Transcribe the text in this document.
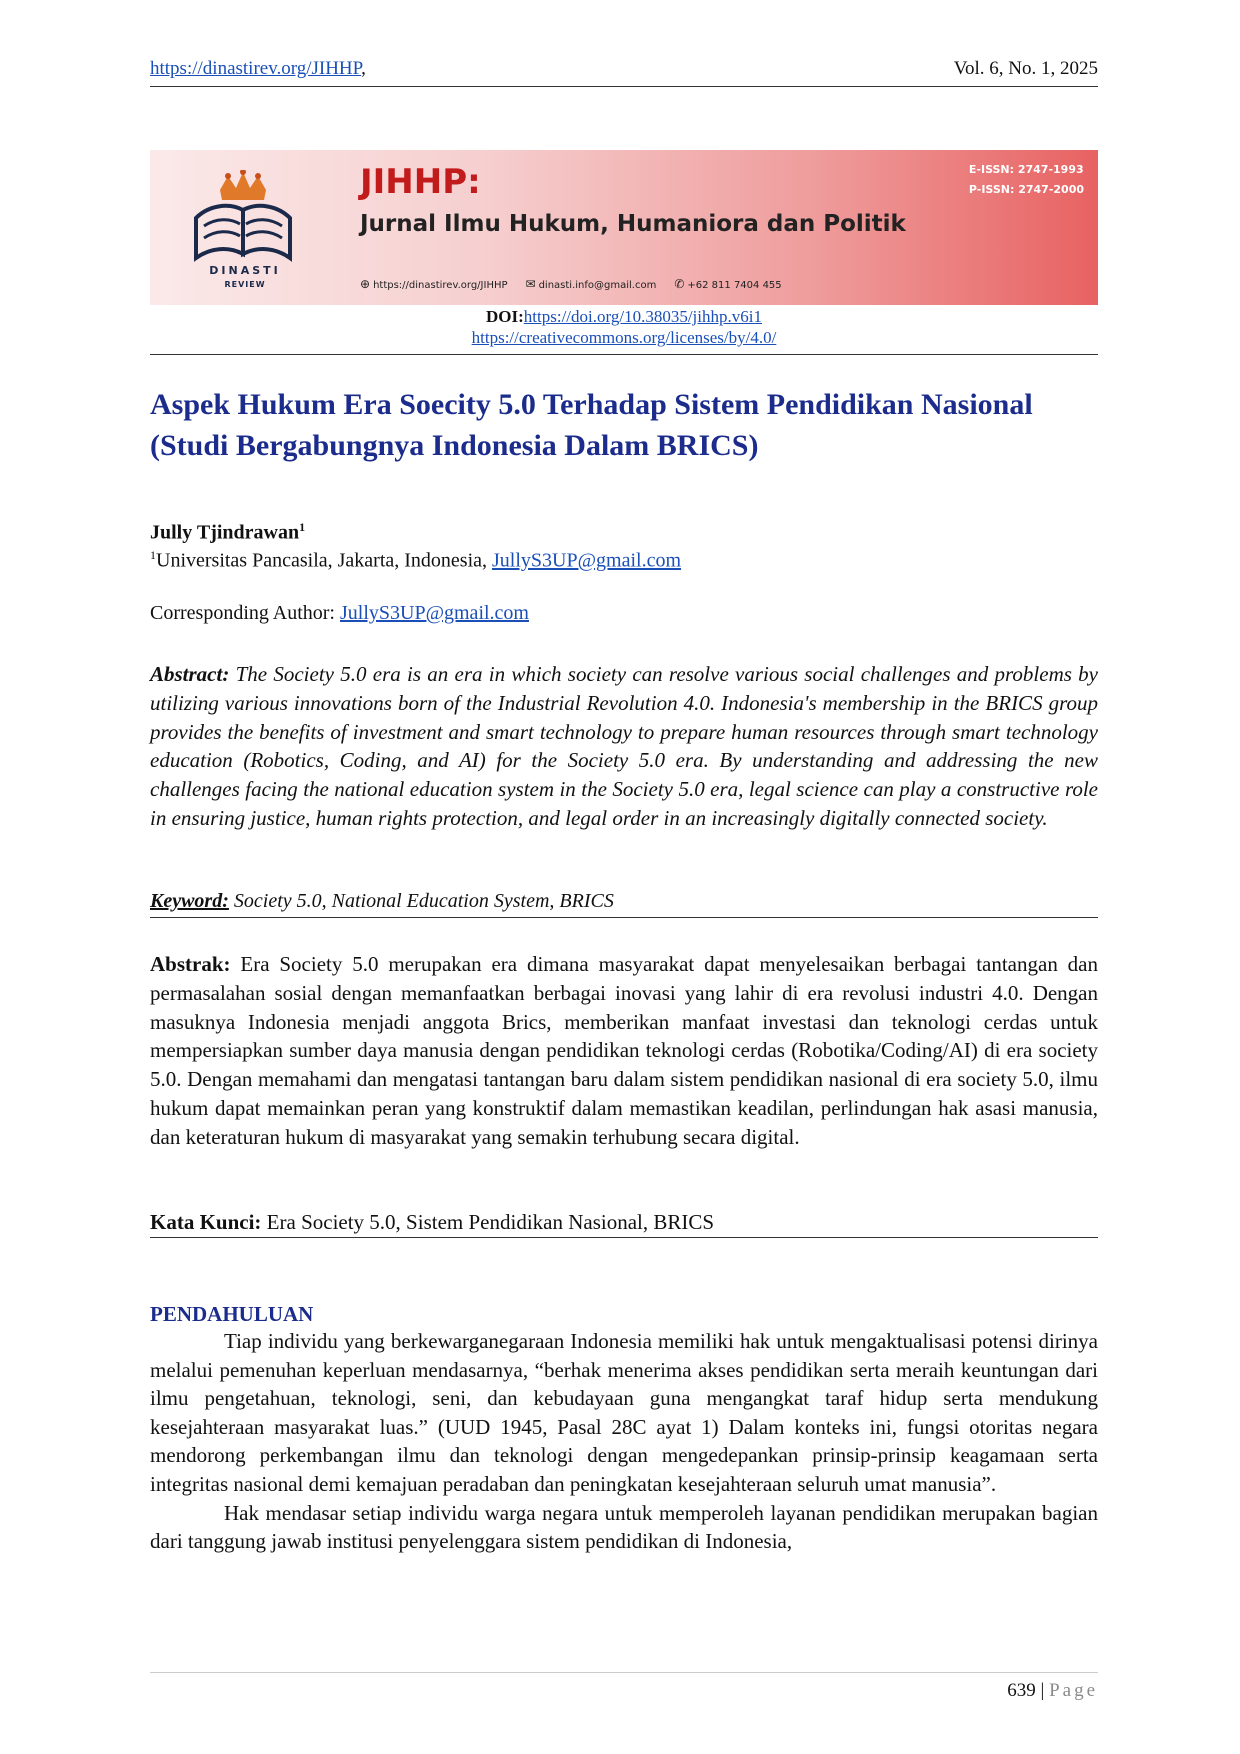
https://dinastirev.org/JIHHP,	Vol. 6, No. 1, 2025
DINASTI
REVIEW
JIHHP:
Jurnal Ilmu Hukum, Humaniora dan Politik
E-ISSN: 2747-1993
P-ISSN: 2747-2000
⊕ https://dinastirev.org/JIHHP ✉ dinasti.info@gmail.com ✆ +62 811 7404 455
DOI:https://doi.org/10.38035/jihhp.v6i1
https://creativecommons.org/licenses/by/4.0/
Aspek Hukum Era Soecity 5.0 Terhadap Sistem Pendidikan Nasional (Studi Bergabungnya Indonesia Dalam BRICS)
Jully Tjindrawan$^1$
$^1$Universitas Pancasila, Jakarta, Indonesia, JullyS3UP@gmail.com
Corresponding Author: JullyS3UP@gmail.com
Abstract: The Society 5.0 era is an era in which society can resolve various social challenges and problems by utilizing various innovations born of the Industrial Revolution 4.0. Indonesia's membership in the BRICS group provides the benefits of investment and smart technology to prepare human resources through smart technology education (Robotics, Coding, and AI) for the Society 5.0 era. By understanding and addressing the new challenges facing the national education system in the Society 5.0 era, legal science can play a constructive role in ensuring justice, human rights protection, and legal order in an increasingly digitally connected society.
Keyword: Society 5.0, National Education System, BRICS
Abstrak: Era Society 5.0 merupakan era dimana masyarakat dapat menyelesaikan berbagai tantangan dan permasalahan sosial dengan memanfaatkan berbagai inovasi yang lahir di era revolusi industri 4.0. Dengan masuknya Indonesia menjadi anggota Brics, memberikan manfaat investasi dan teknologi cerdas untuk mempersiapkan sumber daya manusia dengan pendidikan teknologi cerdas (Robotika/Coding/AI) di era society 5.0. Dengan memahami dan mengatasi tantangan baru dalam sistem pendidikan nasional di era society 5.0, ilmu hukum dapat memainkan peran yang konstruktif dalam memastikan keadilan, perlindungan hak asasi manusia, dan keteraturan hukum di masyarakat yang semakin terhubung secara digital.
Kata Kunci: Era Society 5.0, Sistem Pendidikan Nasional, BRICS
PENDAHULUAN

Tiap individu yang berkewarganegaraan Indonesia memiliki hak untuk mengaktualisasi potensi dirinya melalui pemenuhan keperluan mendasarnya, “berhak menerima akses pendidikan serta meraih keuntungan dari ilmu pengetahuan, teknologi, seni, dan kebudayaan guna mengangkat taraf hidup serta mendukung kesejahteraan masyarakat luas.” (UUD 1945, Pasal 28C ayat 1) Dalam konteks ini, fungsi otoritas negara mendorong perkembangan ilmu dan teknologi dengan mengedepankan prinsip-prinsip keagamaan serta integritas nasional demi kemajuan peradaban dan peningkatan kesejahteraan seluruh umat manusia”.

Hak mendasar setiap individu warga negara untuk memperoleh layanan pendidikan merupakan bagian dari tanggung jawab institusi penyelenggara sistem pendidikan di Indonesia,

639 | Page
